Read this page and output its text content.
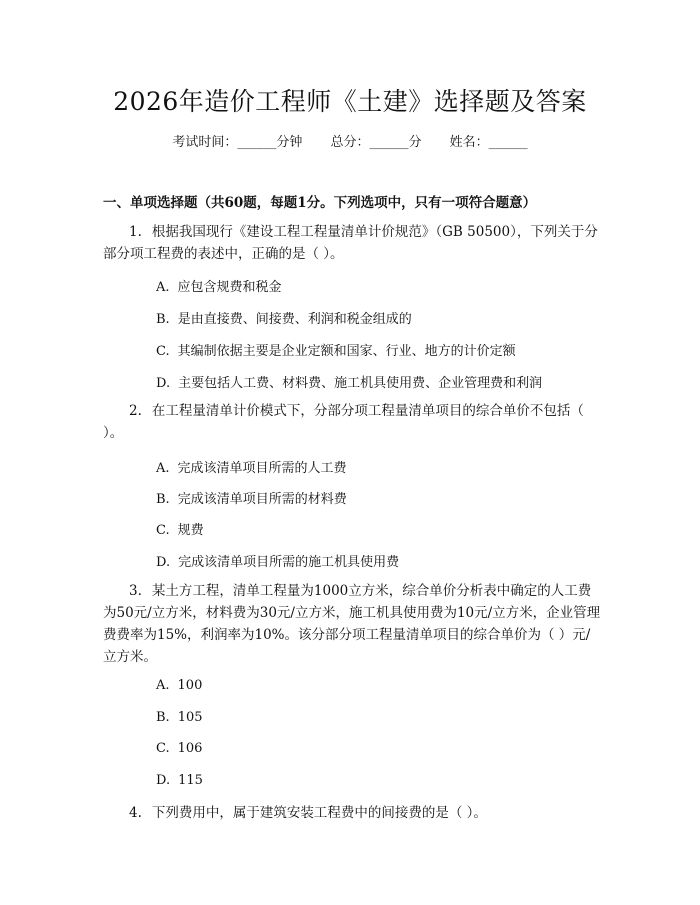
2026年造价工程师《土建》选择题及答案
考试时间：______分钟 总分：______分 姓名：______
一、单项选择题（共60题，每题1分。下列选项中，只有一项符合题意）
1. 根据我国现行《建设工程工程量清单计价规范》（GB 50500），下列关于分部分项工程费的表述中，正确的是（ ）。
A. 应包含规费和税金
B. 是由直接费、间接费、利润和税金组成的
C. 其编制依据主要是企业定额和国家、行业、地方的计价定额
D. 主要包括人工费、材料费、施工机具使用费、企业管理费和利润
2. 在工程量清单计价模式下，分部分项工程量清单项目的综合单价不包括（ ）。
A. 完成该清单项目所需的人工费
B. 完成该清单项目所需的材料费
C. 规费
D. 完成该清单项目所需的施工机具使用费
3. 某土方工程，清单工程量为1000立方米，综合单价分析表中确定的人工费为50元/立方米，材料费为30元/立方米，施工机具使用费为10元/立方米，企业管理费费率为15%，利润率为10%。该分部分项工程量清单项目的综合单价为（ ）元/立方米。
A. 100
B. 105
C. 106
D. 115
4. 下列费用中，属于建筑安装工程费中的间接费的是（ ）。
